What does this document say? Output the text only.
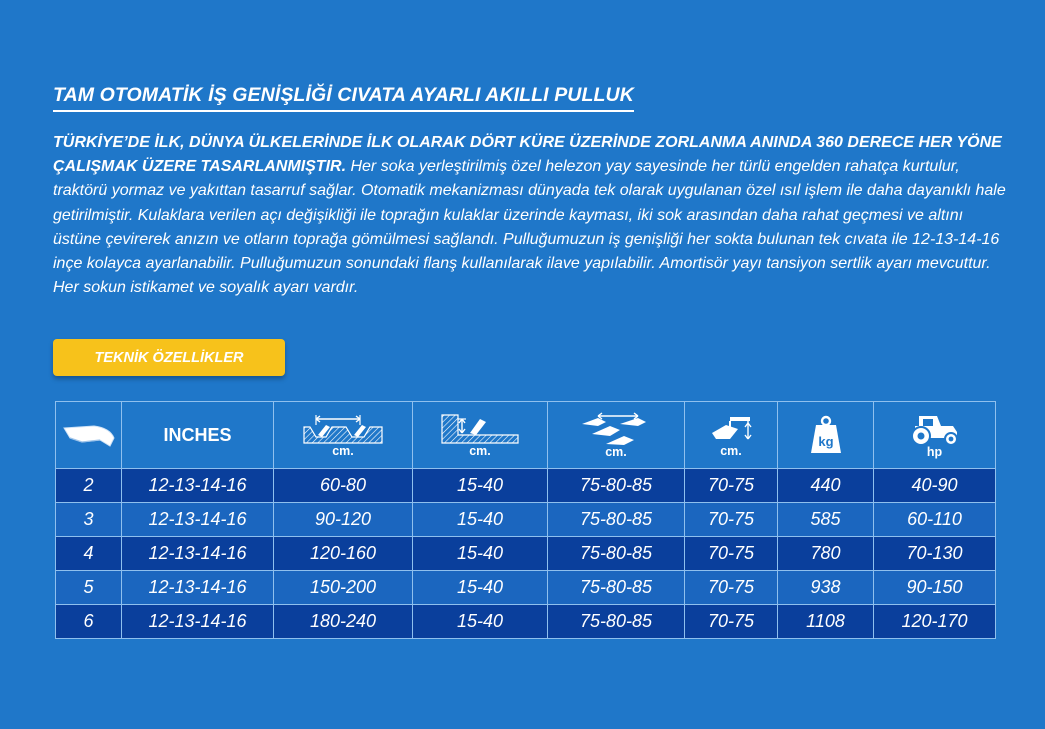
TAM OTOMATİK İŞ GENİŞLİĞİ CIVATA AYARLI AKILLI PULLUK
TÜRKİYE’DE İLK, DÜNYA ÜLKELERİNDE İLK OLARAK DÖRT KÜRE ÜZERİNDE ZORLANMA ANINDA 360 DERECE HER YÖNE ÇALIŞMAK ÜZERE TASARLANMIŞTIR. Her soka yerleştirilmiş özel helezon yay sayesinde her türlü engelden rahatça kurtulur, traktörü yormaz ve yakıttan tasarruf sağlar. Otomatik mekanizması dünyada tek olarak uygulanan özel ısıl işlem ile daha dayanıklı hale getirilmiştir. Kulaklara verilen açı değişikliği ile toprağın kulaklar üzerinde kayması, iki sok arasından daha rahat geçmesi ve altını üstüne çevirerek anızın ve otların toprağa gömülmesi sağlandı. Pulluğumuzun iş genişliği her sokta bulunan tek cıvata ile 12-13-14-16 inçe kolayca ayarlanabilir. Pulluğumuzun sonundaki flanş kullanılarak ilave yapılabilir. Amortisör yayı tansiyon sertlik ayarı mevcuttur. Her sokun istikamet ve soyalık ayarı vardır.
TEKNİK ÖZELLİKLER
	INCHES	cm.	cm.	cm.	cm.	kg	hp

2	12-13-14-16	60-80	15-40	75-80-85	70-75	440	40-90
3	12-13-14-16	90-120	15-40	75-80-85	70-75	585	60-110
4	12-13-14-16	120-160	15-40	75-80-85	70-75	780	70-130
5	12-13-14-16	150-200	15-40	75-80-85	70-75	938	90-150
6	12-13-14-16	180-240	15-40	75-80-85	70-75	1108	120-170
